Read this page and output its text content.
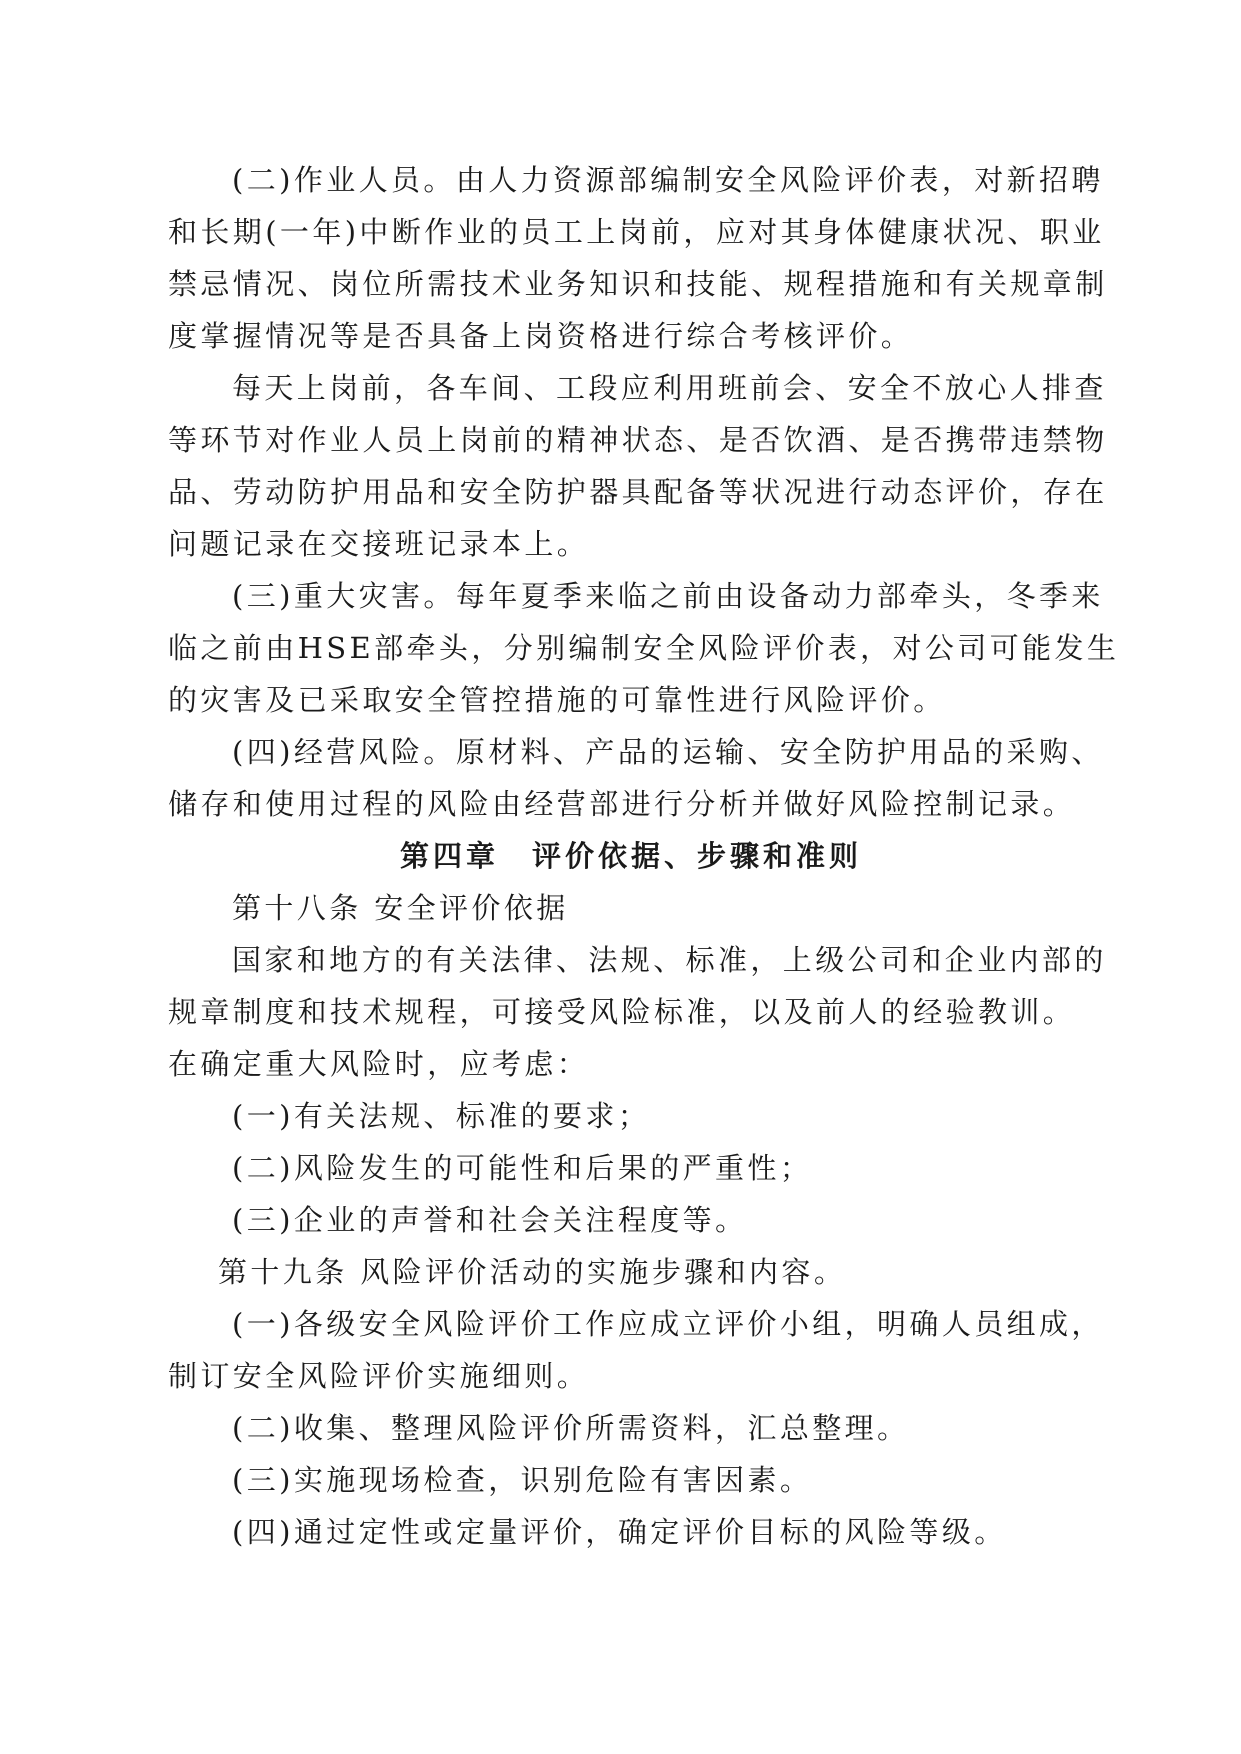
(二)作业人员。由人力资源部编制安全风险评价表，对新招聘
和长期(一年)中断作业的员工上岗前，应对其身体健康状况、职业
禁忌情况、岗位所需技术业务知识和技能、规程措施和有关规章制
度掌握情况等是否具备上岗资格进行综合考核评价。
每天上岗前，各车间、工段应利用班前会、安全不放心人排查
等环节对作业人员上岗前的精神状态、是否饮酒、是否携带违禁物
品、劳动防护用品和安全防护器具配备等状况进行动态评价，存在
问题记录在交接班记录本上。
(三)重大灾害。每年夏季来临之前由设备动力部牵头，冬季来
临之前由HSE部牵头，分别编制安全风险评价表，对公司可能发生
的灾害及已采取安全管控措施的可靠性进行风险评价。
(四)经营风险。原材料、产品的运输、安全防护用品的采购、
储存和使用过程的风险由经营部进行分析并做好风险控制记录。
第四章　评价依据、步骤和准则
第十八条 安全评价依据
国家和地方的有关法律、法规、标准，上级公司和企业内部的
规章制度和技术规程，可接受风险标准，以及前人的经验教训。
在确定重大风险时，应考虑：
(一)有关法规、标准的要求；
(二)风险发生的可能性和后果的严重性；
(三)企业的声誉和社会关注程度等。
第十九条 风险评价活动的实施步骤和内容。
(一)各级安全风险评价工作应成立评价小组，明确人员组成，
制订安全风险评价实施细则。
(二)收集、整理风险评价所需资料，汇总整理。
(三)实施现场检查，识别危险有害因素。
(四)通过定性或定量评价，确定评价目标的风险等级。
